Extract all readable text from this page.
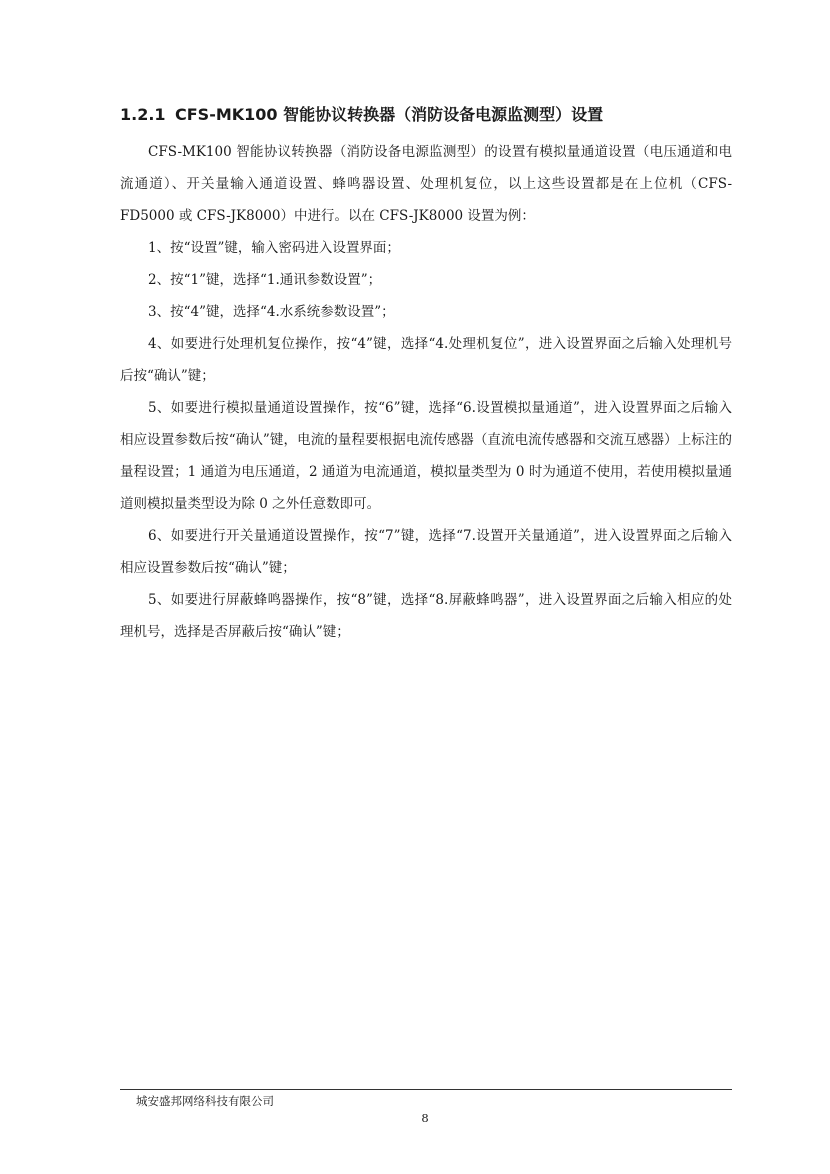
1.2.1 CFS-MK100 智能协议转换器（消防设备电源监测型）设置

CFS-MK100 智能协议转换器（消防设备电源监测型）的设置有模拟量通道设置（电压通道和电流通道）、开关量输入通道设置、蜂鸣器设置、处理机复位，以上这些设置都是在上位机（CFS-FD5000 或 CFS-JK8000）中进行。以在 CFS-JK8000 设置为例：

1、按“设置”键，输入密码进入设置界面；

2、按“1”键，选择“1.通讯参数设置”；

3、按“4”键，选择“4.水系统参数设置”；

4、如要进行处理机复位操作，按“4”键，选择“4.处理机复位”，进入设置界面之后输入处理机号后按“确认”键；

5、如要进行模拟量通道设置操作，按“6”键，选择“6.设置模拟量通道”，进入设置界面之后输入相应设置参数后按“确认”键，电流的量程要根据电流传感器（直流电流传感器和交流互感器）上标注的量程设置；1 通道为电压通道，2 通道为电流通道，模拟量类型为 0 时为通道不使用，若使用模拟量通道则模拟量类型设为除 0 之外任意数即可。

6、如要进行开关量通道设置操作，按“7”键，选择“7.设置开关量通道”，进入设置界面之后输入相应设置参数后按“确认”键；

5、如要进行屏蔽蜂鸣器操作，按“8”键，选择“8.屏蔽蜂鸣器”，进入设置界面之后输入相应的处理机号，选择是否屏蔽后按“确认”键；

城安盛邦网络科技有限公司
8
